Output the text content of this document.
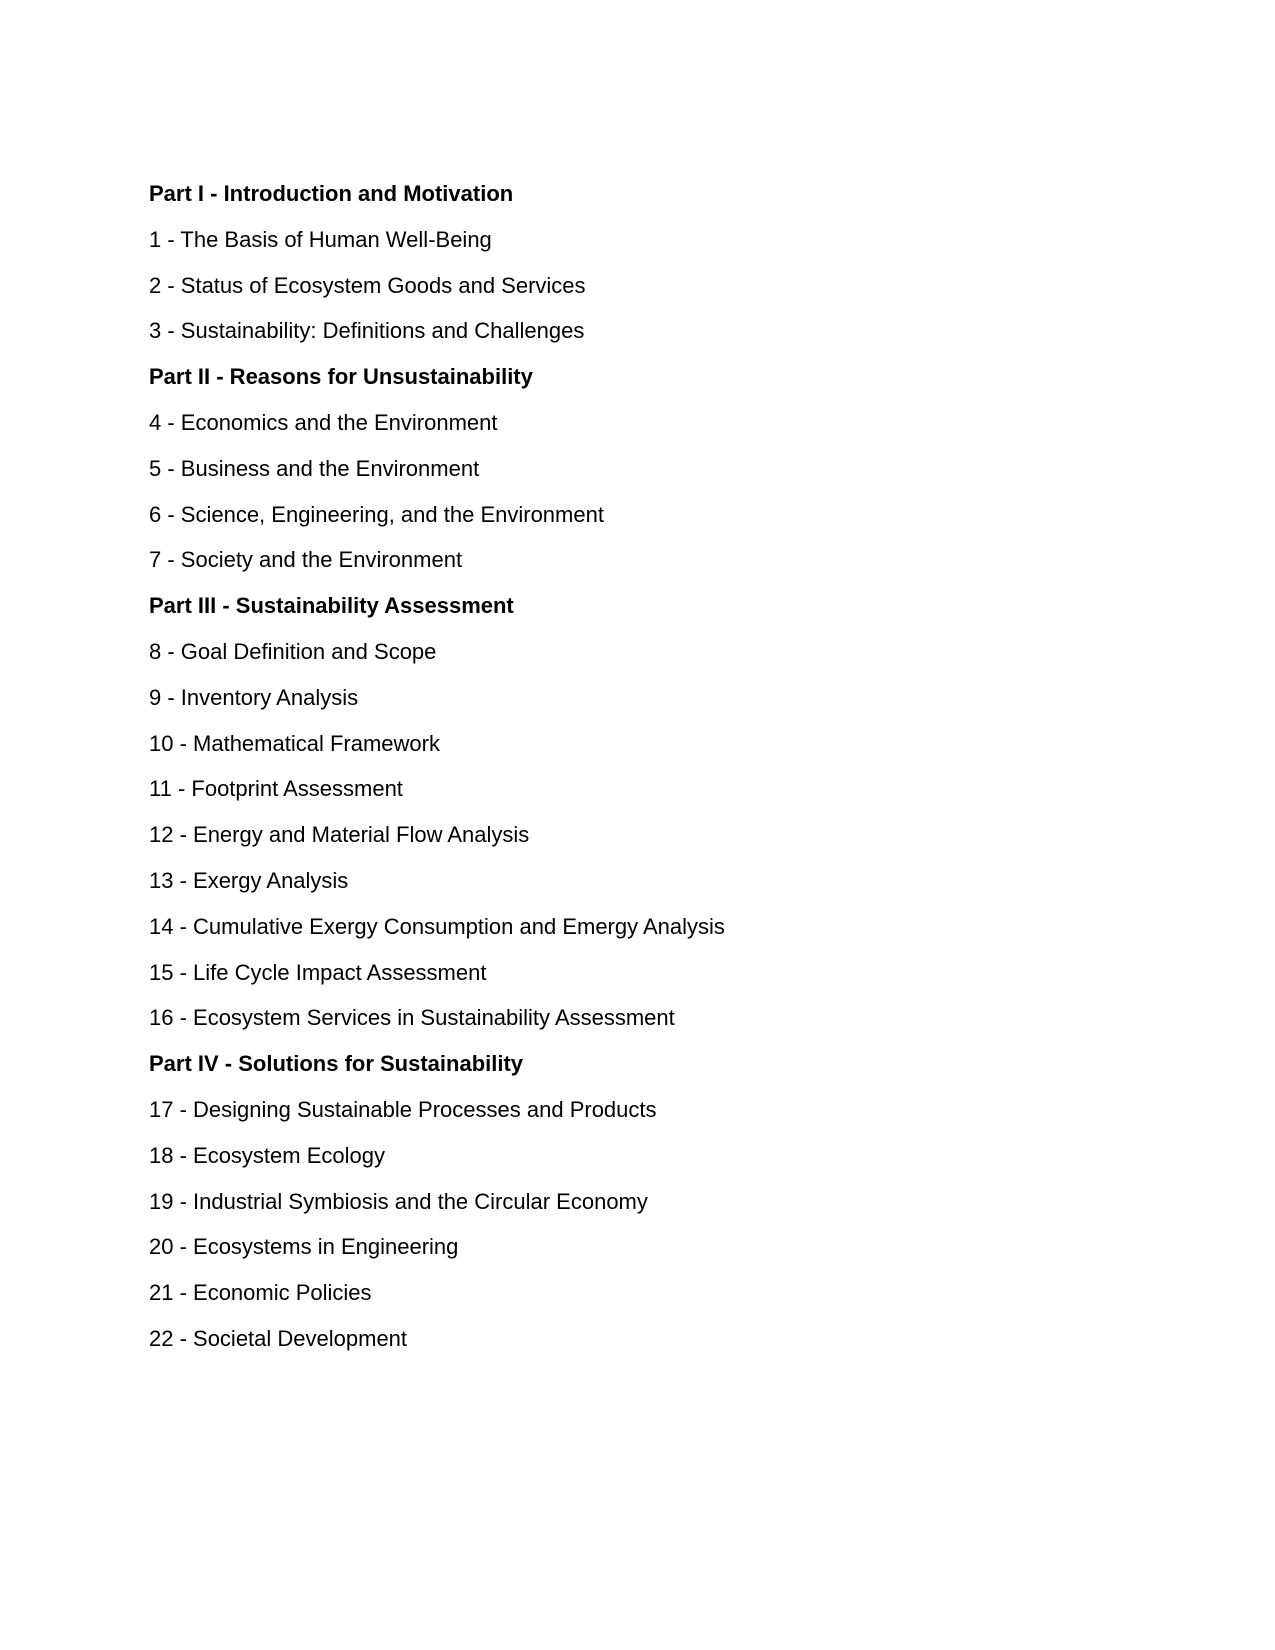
Part I - Introduction and Motivation
1 - The Basis of Human Well-Being
2 - Status of Ecosystem Goods and Services
3 - Sustainability: Definitions and Challenges
Part II - Reasons for Unsustainability
4 - Economics and the Environment
5 - Business and the Environment
6 - Science, Engineering, and the Environment
7 - Society and the Environment
Part III - Sustainability Assessment
8 - Goal Definition and Scope
9 - Inventory Analysis
10 - Mathematical Framework
11 - Footprint Assessment
12 - Energy and Material Flow Analysis
13 - Exergy Analysis
14 - Cumulative Exergy Consumption and Emergy Analysis
15 - Life Cycle Impact Assessment
16 - Ecosystem Services in Sustainability Assessment
Part IV - Solutions for Sustainability
17 - Designing Sustainable Processes and Products
18 - Ecosystem Ecology
19 - Industrial Symbiosis and the Circular Economy
20 - Ecosystems in Engineering
21 - Economic Policies
22 - Societal Development
